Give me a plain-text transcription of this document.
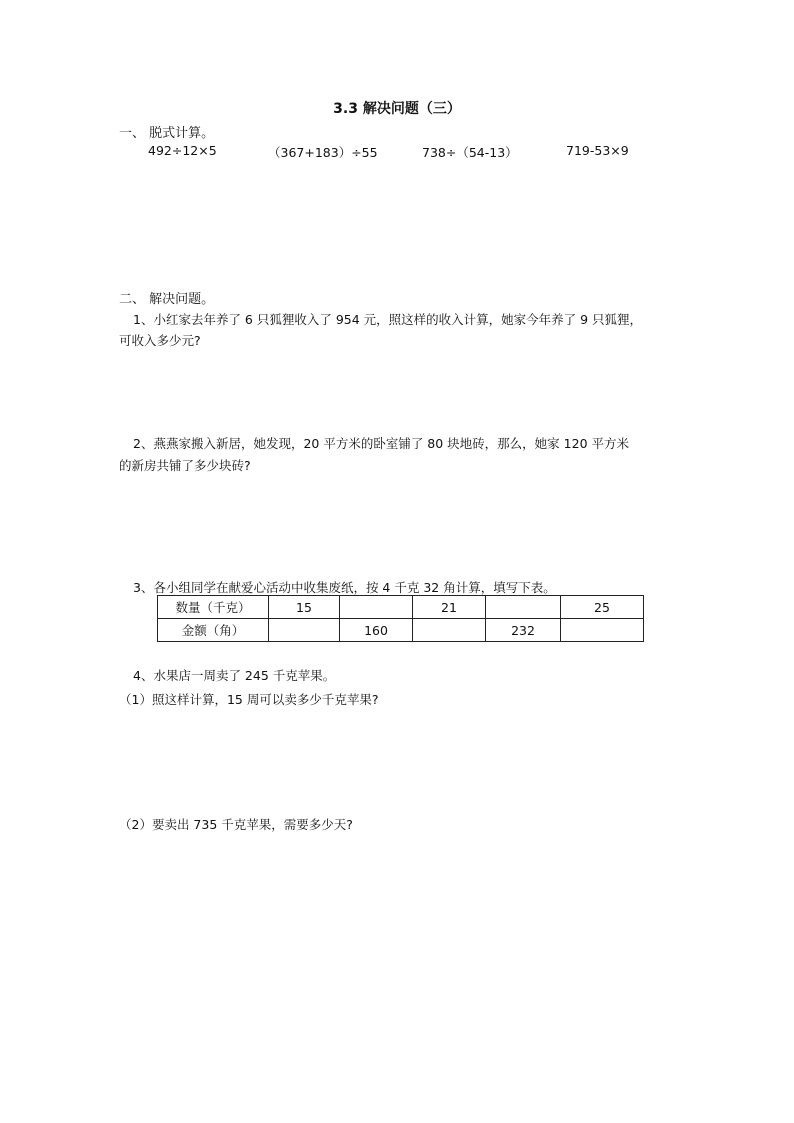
3.3 解决问题（三）
一、 脱式计算。
492÷12×5	（367+183）÷55	738÷（54-13）	719-53×9
二、 解决问题。
1、小红家去年养了 6 只狐狸收入了 954 元，照这样的收入计算，她家今年养了 9 只狐狸，
可收入多少元?
2、燕燕家搬入新居，她发现，20 平方米的卧室铺了 80 块地砖，那么，她家 120 平方米
的新房共铺了多少块砖?
3、各小组同学在献爱心活动中收集废纸，按 4 千克 32 角计算，填写下表。
数量（千克）	15		21		25
金额（角）		160		232	
4、水果店一周卖了 245 千克苹果。
（1）照这样计算，15 周可以卖多少千克苹果?
（2）要卖出 735 千克苹果，需要多少天?
